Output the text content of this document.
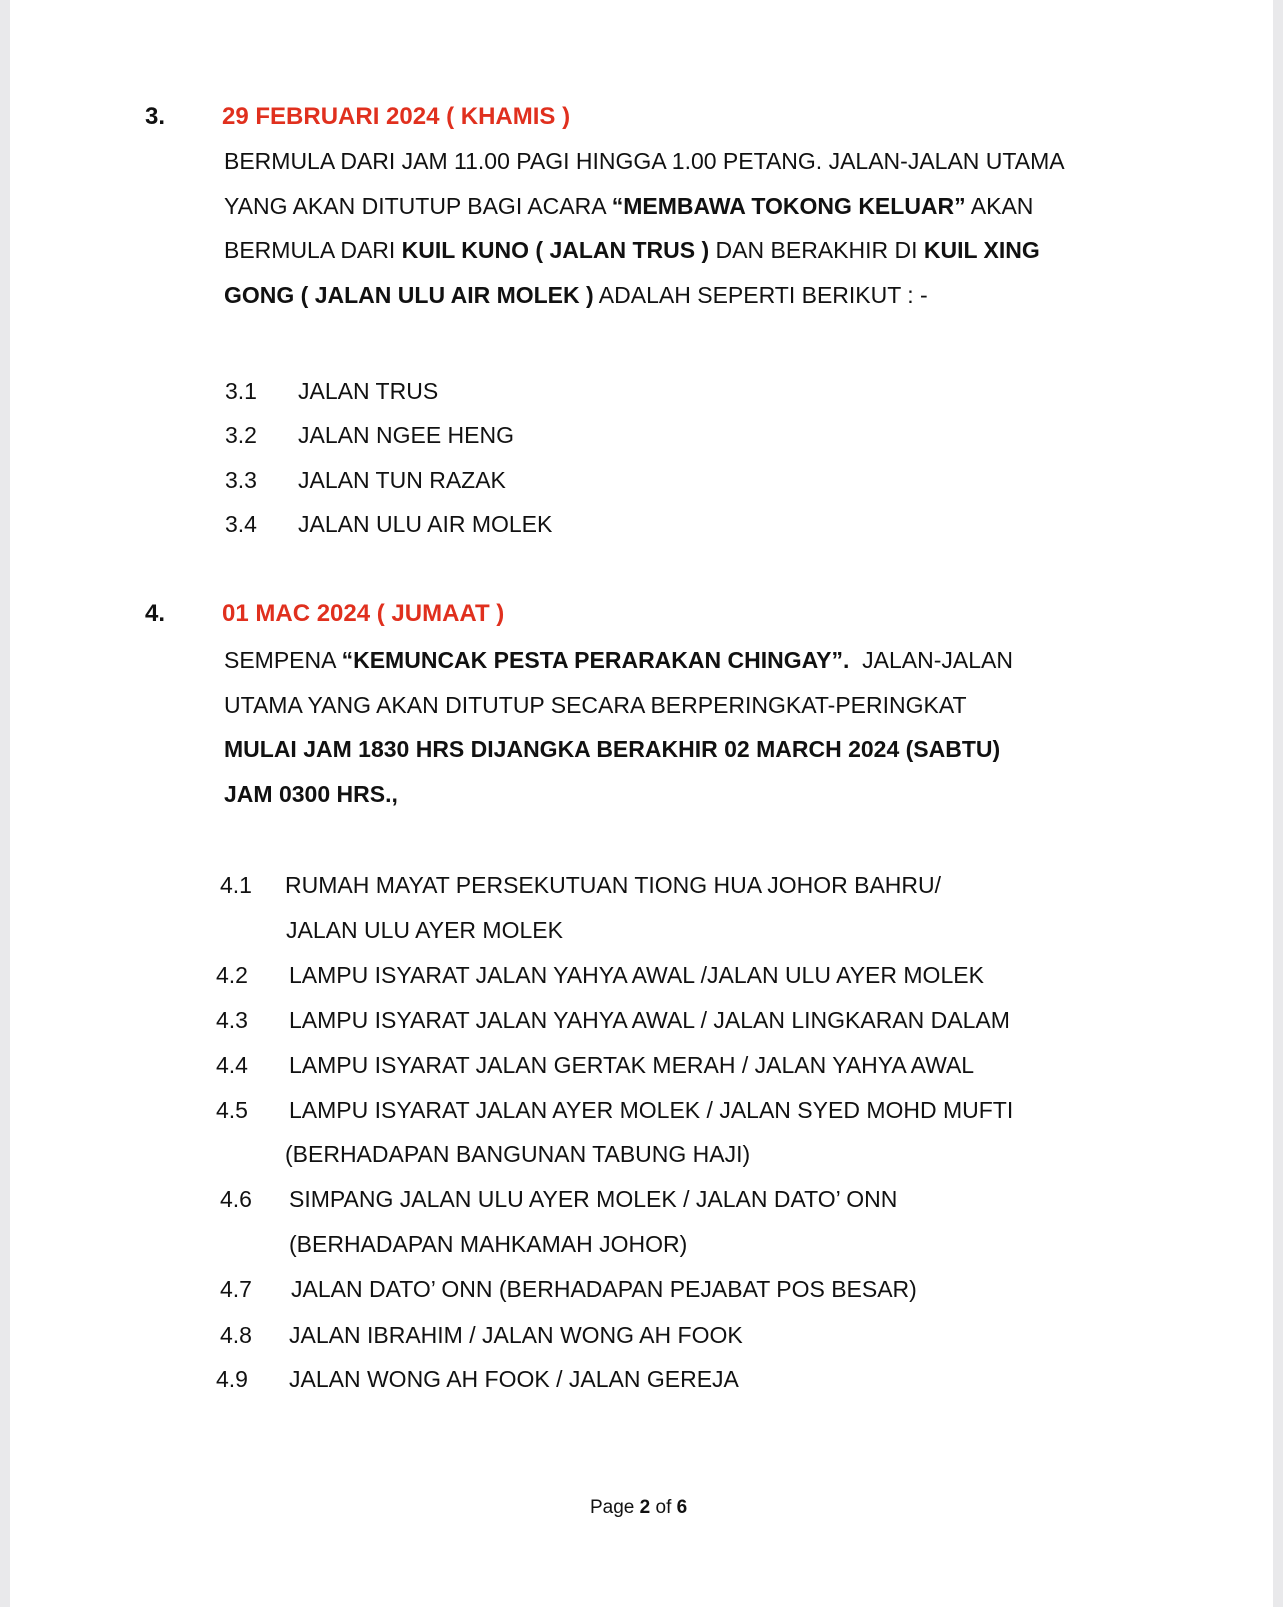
3. 29 FEBRUARI 2024 ( KHAMIS )
BERMULA DARI JAM 11.00 PAGI HINGGA 1.00 PETANG. JALAN-JALAN UTAMA
YANG AKAN DITUTUP BAGI ACARA “MEMBAWA TOKONG KELUAR” AKAN
BERMULA DARI KUIL KUNO ( JALAN TRUS ) DAN BERAKHIR DI KUIL XING
GONG ( JALAN ULU AIR MOLEK ) ADALAH SEPERTI BERIKUT : -
3.1 JALAN TRUS
3.2 JALAN NGEE HENG
3.3 JALAN TUN RAZAK
3.4 JALAN ULU AIR MOLEK
4. 01 MAC 2024 ( JUMAAT )
SEMPENA “KEMUNCAK PESTA PERARAKAN CHINGAY”.  JALAN-JALAN
UTAMA YANG AKAN DITUTUP SECARA BERPERINGKAT-PERINGKAT
MULAI JAM 1830 HRS DIJANGKA BERAKHIR 02 MARCH 2024 (SABTU)
JAM 0300 HRS.,
4.1 RUMAH MAYAT PERSEKUTUAN TIONG HUA JOHOR BAHRU/
JALAN ULU AYER MOLEK
4.2 LAMPU ISYARAT JALAN YAHYA AWAL /JALAN ULU AYER MOLEK
4.3 LAMPU ISYARAT JALAN YAHYA AWAL / JALAN LINGKARAN DALAM
4.4 LAMPU ISYARAT JALAN GERTAK MERAH / JALAN YAHYA AWAL
4.5 LAMPU ISYARAT JALAN AYER MOLEK / JALAN SYED MOHD MUFTI
(BERHADAPAN BANGUNAN TABUNG HAJI)
4.6 SIMPANG JALAN ULU AYER MOLEK / JALAN DATO’ ONN
(BERHADAPAN MAHKAMAH JOHOR)
4.7 JALAN DATO’ ONN (BERHADAPAN PEJABAT POS BESAR)
4.8 JALAN IBRAHIM / JALAN WONG AH FOOK
4.9 JALAN WONG AH FOOK / JALAN GEREJA
Page 2 of 6
